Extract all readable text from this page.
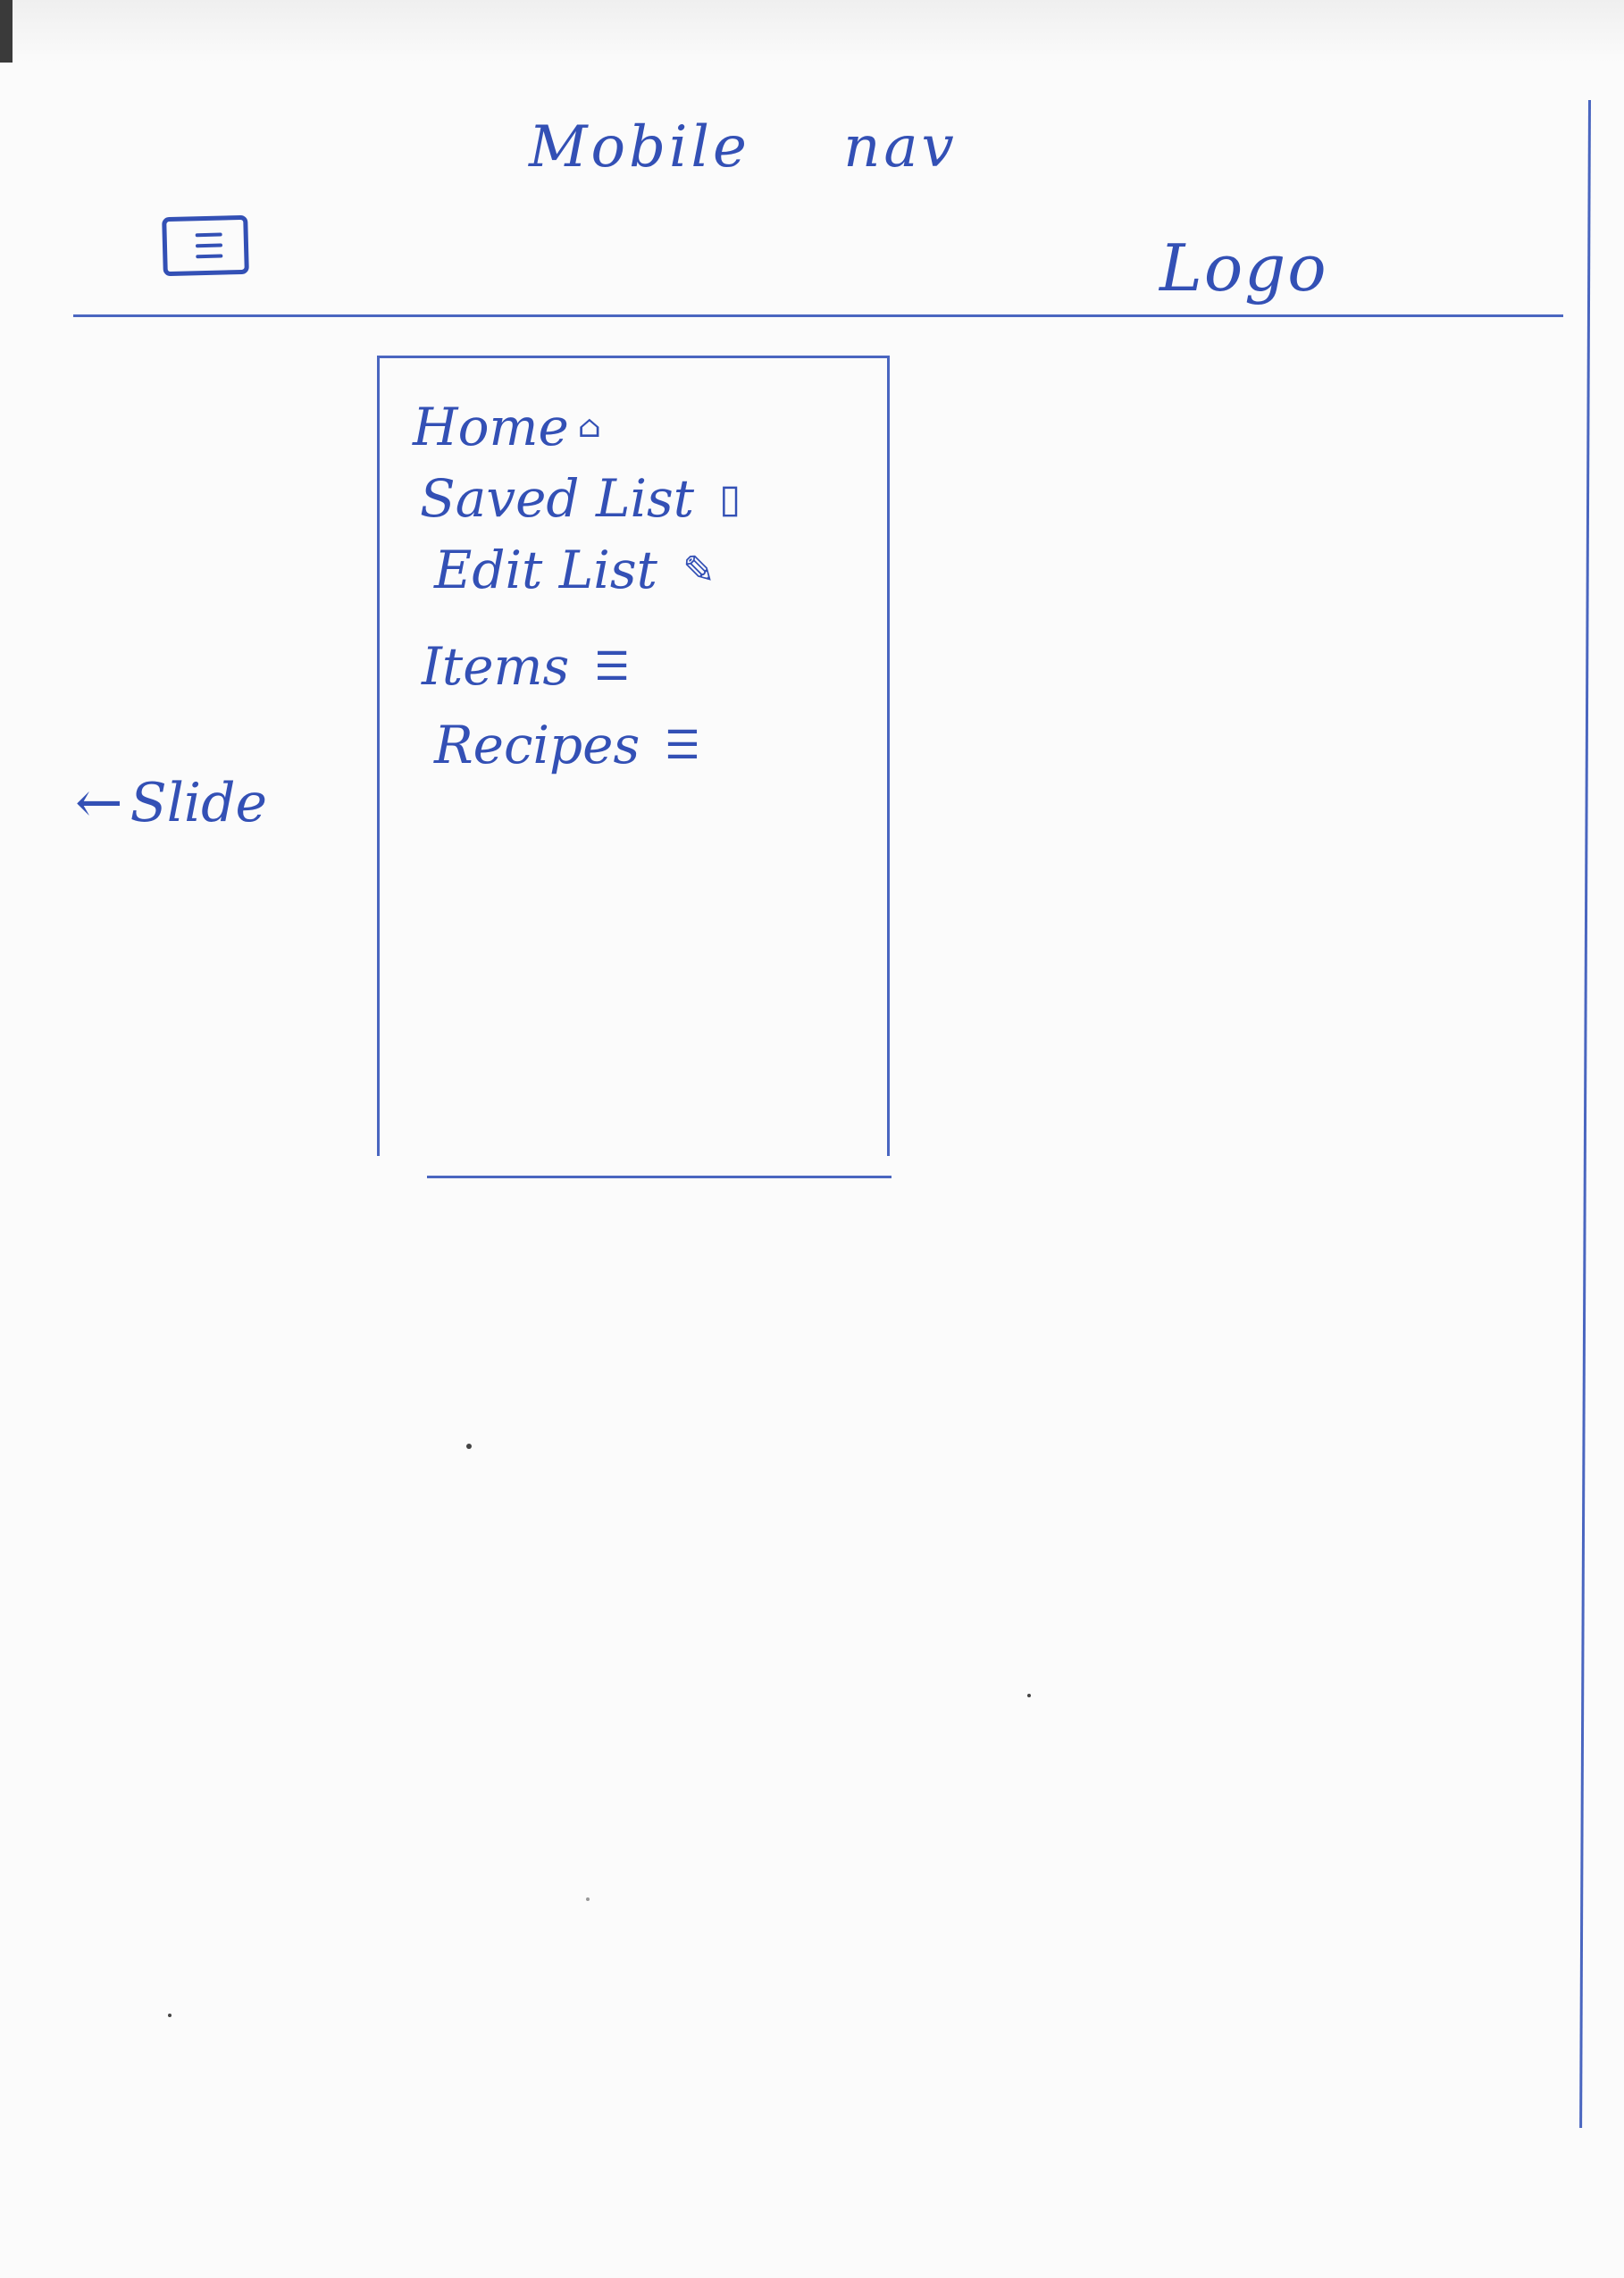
Mobile nav
Logo
Home ⌂
Saved List ▯
Edit List ✎
Items ☰
Recipes ☰
← Slide
